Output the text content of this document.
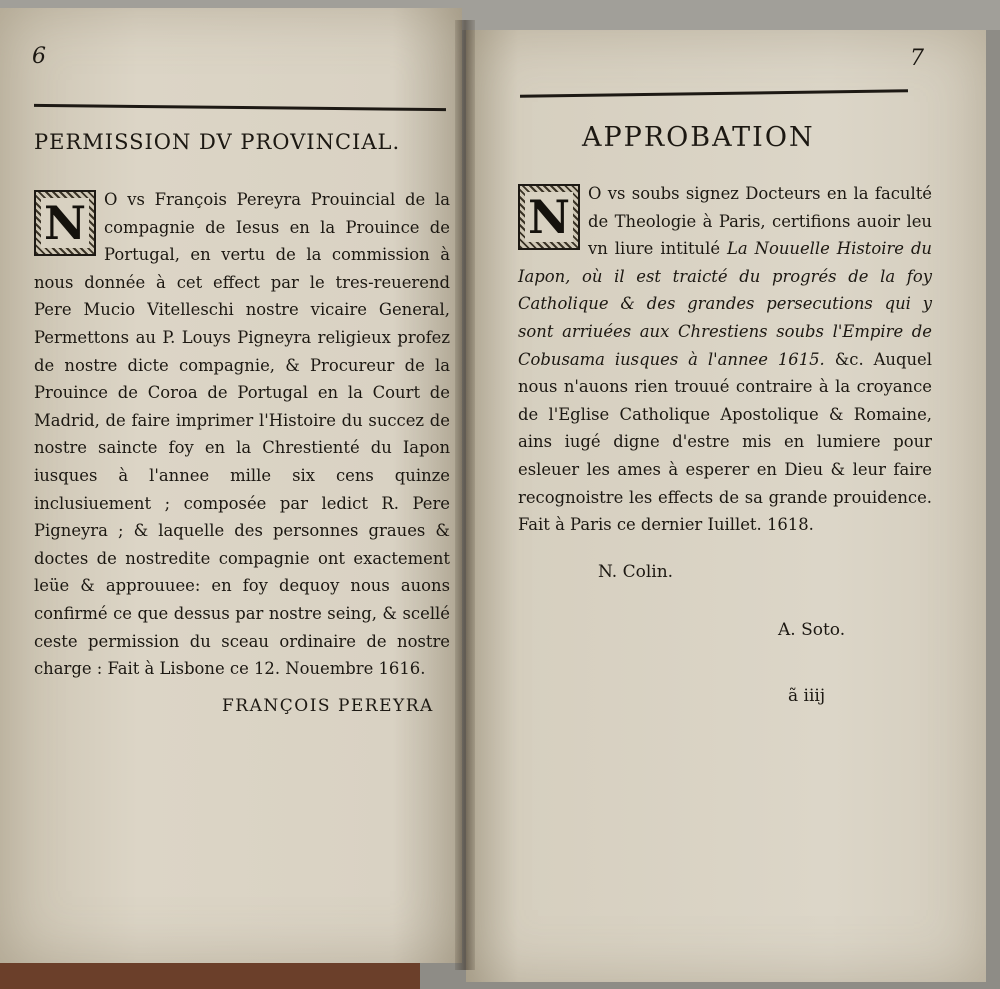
6
PERMISSION DV PROVINCIAL.
N O vs François Pereyra Prouincial de la compagnie de Iesus en la Prouince de Portugal, en vertu de la commission à nous donnée à cet effect par le tres-reuerend Pere Mucio Vitelleschi nostre vicaire General, Permettons au P. Louys Pigneyra religieux profez de nostre dicte compagnie, & Procureur de la Prouince de Coroa de Portugal en la Court de Madrid, de faire imprimer l'Histoire du succez de nostre saincte foy en la Chrestienté du Iapon iusques à l'annee mille six cens quinze inclusiuement ; composée par ledict R. Pere Pigneyra ; & laquelle des personnes graues & doctes de nostredite compagnie ont exactement leüe & approuuee: en foy dequoy nous auons confirmé ce que dessus par nostre seing, & scellé ceste permission du sceau ordinaire de nostre charge : Fait à Lisbone ce 12. Nouembre 1616.
FRANÇOIS PEREYRA
7
APPROBATION
N O vs soubs signez Docteurs en la faculté de Theologie à Paris, certifions auoir leu vn liure intitulé La Nouuelle Histoire du Iapon, où il est traicté du progrés de la foy Catholique & des grandes persecutions qui y sont arriuées aux Chrestiens soubs l'Empire de Cobusama iusques à l'annee 1615. &c. Auquel nous n'auons rien trouué contraire à la croyance de l'Eglise Catholique Apostolique & Romaine, ains iugé digne d'estre mis en lumiere pour esleuer les ames à esperer en Dieu & leur faire recognoistre les effects de sa grande prouidence. Fait à Paris ce dernier Iuillet. 1618.
N. Colin.
A. Soto.
ã iiij
